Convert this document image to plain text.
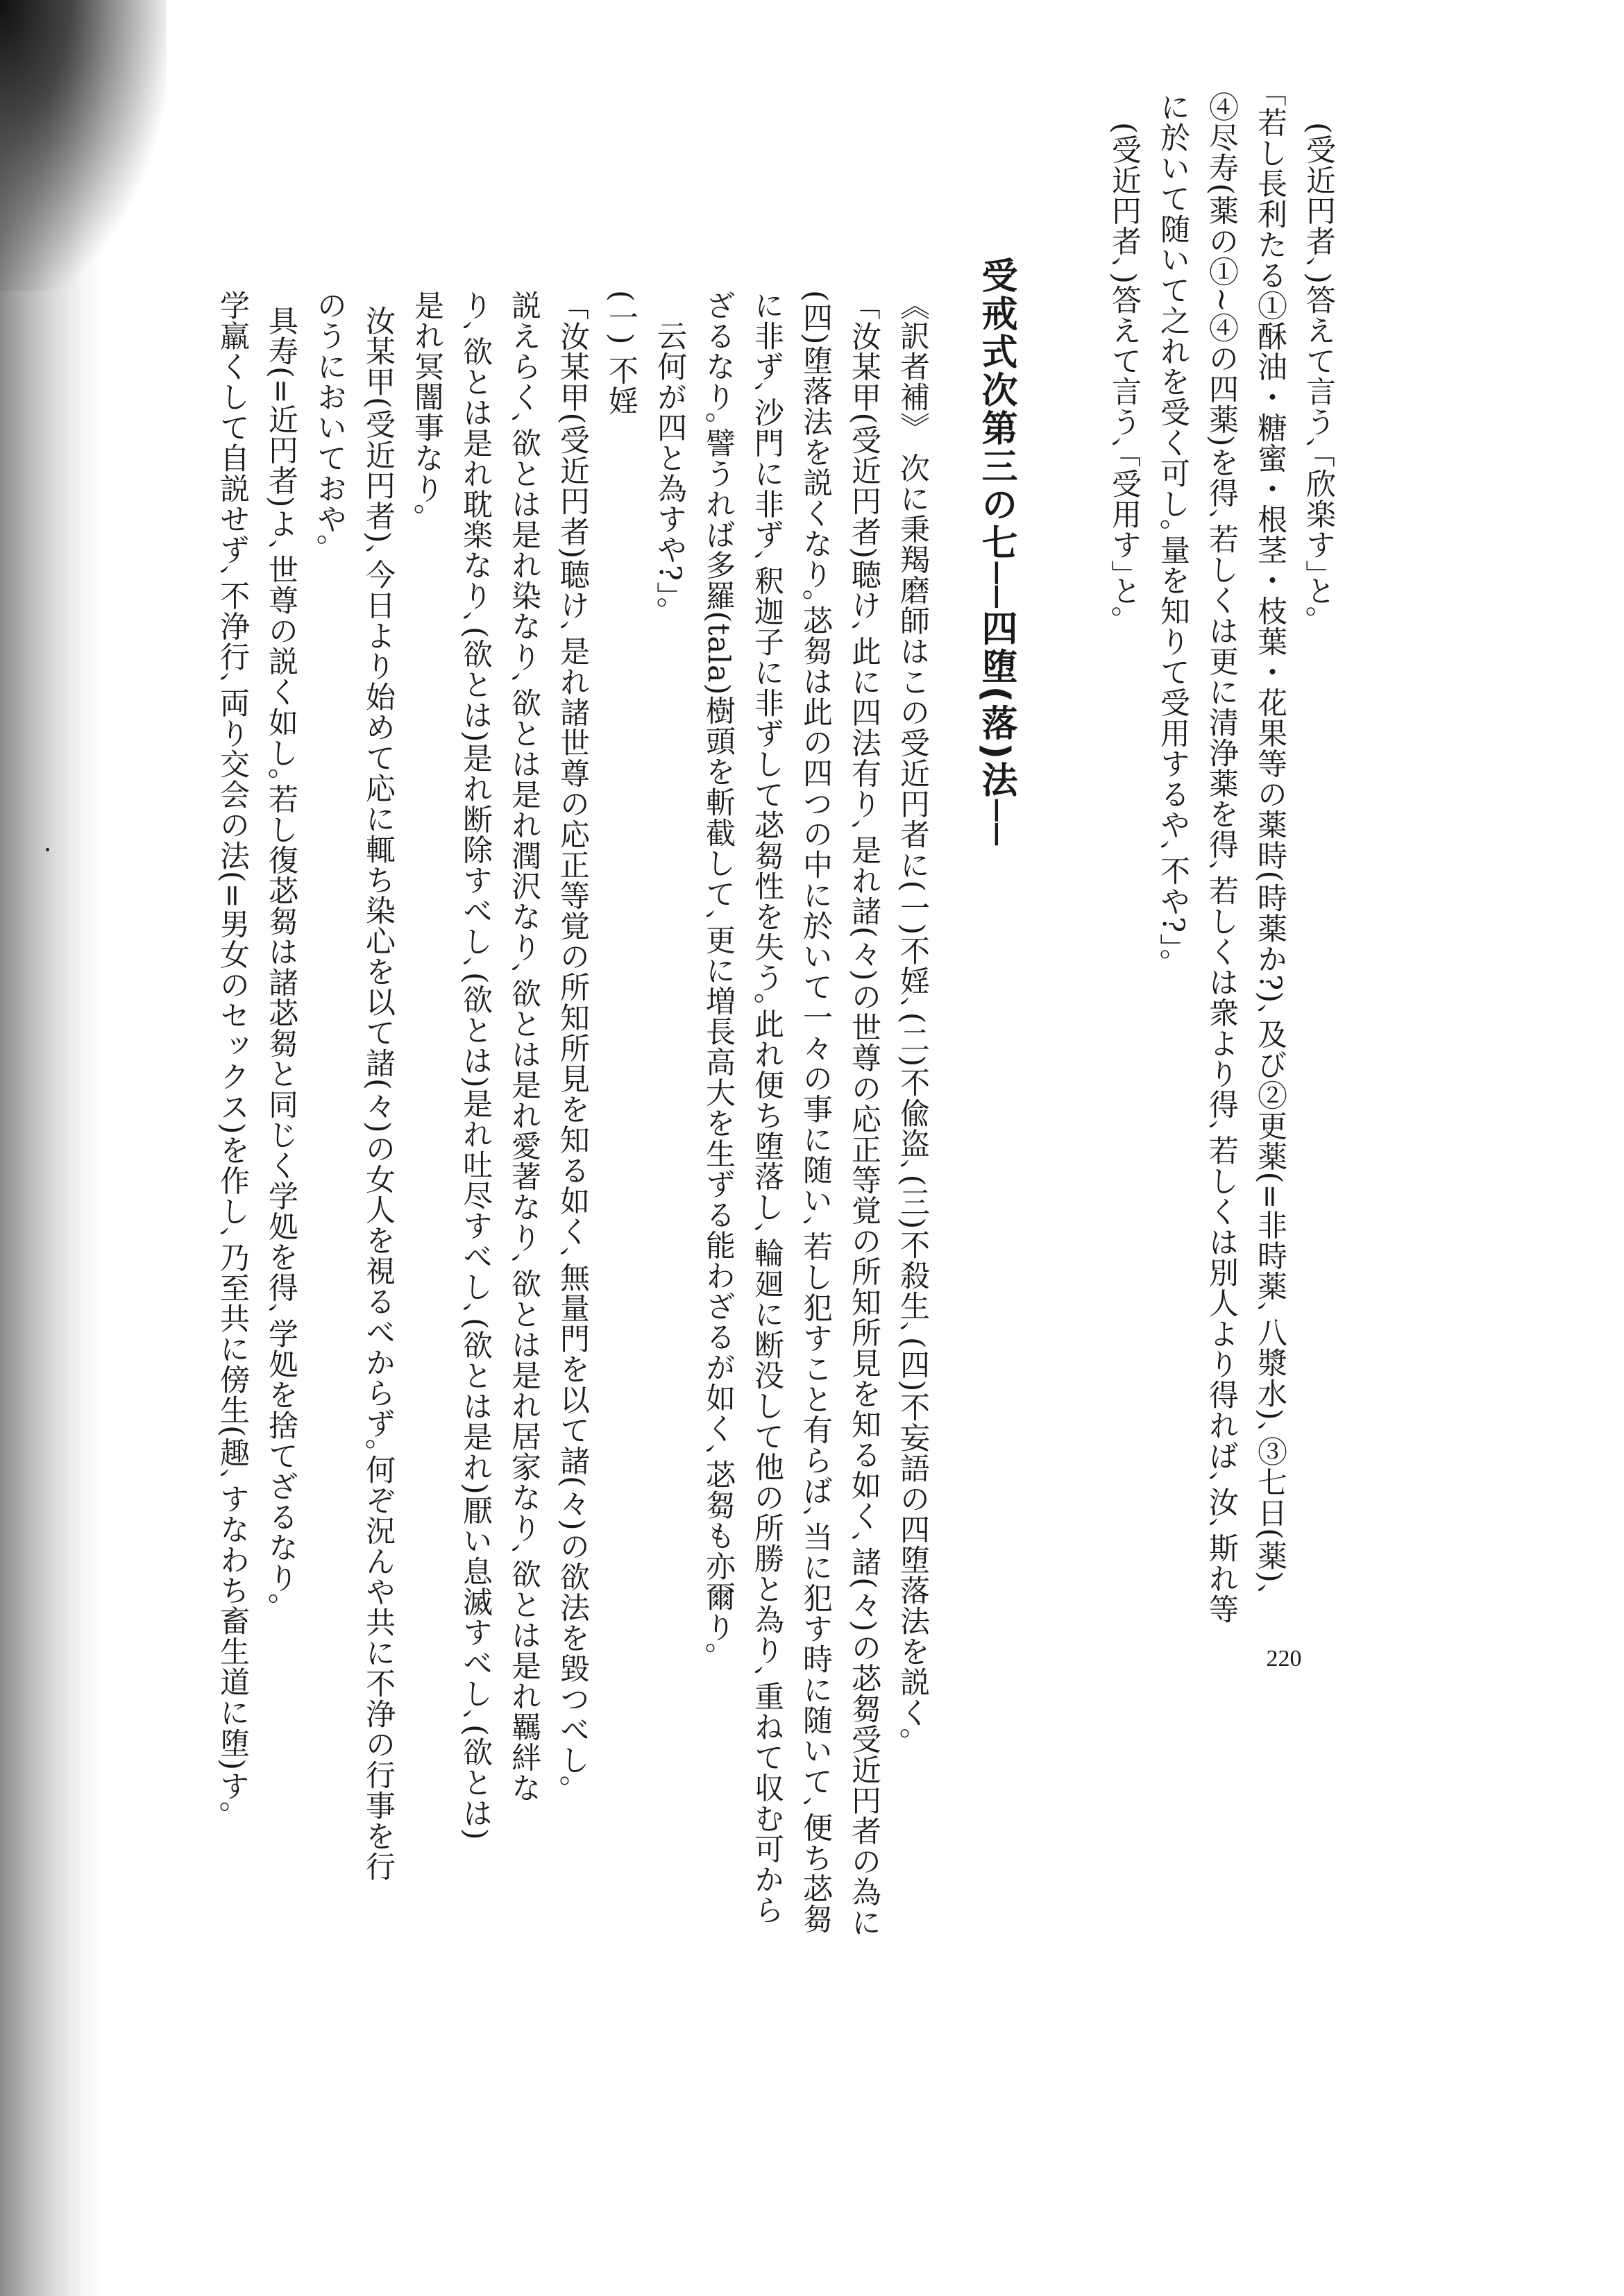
(受近円者､)答えて言う､｢欣楽す｣と｡
｢若し長利たる①酥油・糖蜜・根茎・枝葉・花果等の薬時(時薬か?)､及び②更薬(=非時薬､八漿水)､③七日(薬)､
④尽寿(薬の①~④の四薬)を得､若しくは更に清浄薬を得､若しくは衆より得､若しくは別人より得れば､汝､斯れ等
に於いて随いて之れを受く可し｡量を知りて受用するや､不や?｣｡
(受近円者､)答えて言う､｢受用す｣と｡
受戒式次第三の七──四堕(落)法──
《訳者補》 次に秉羯磨師はこの受近円者に(一)不婬､(二)不偸盗､(三)不殺生､(四)不妄語の四堕落法を説く｡
｢汝某甲(受近円者)聴け､此に四法有り､是れ諸(々)の世尊の応正等覚の所知所見を知る如く､諸(々)の苾芻受近円者の為に
(四)堕落法を説くなり｡苾芻は此の四つの中に於いて一々の事に随い､若し犯すこと有らば､当に犯す時に随いて､便ち苾芻
に非ず､沙門に非ず､釈迦子に非ずして苾芻性を失う｡此れ便ち堕落し､輪廻に断没して他の所勝と為り､重ねて収む可から
ざるなり｡譬うれば多羅(tala)樹頭を斬截して､更に増長高大を生ずる能わざるが如く､苾芻も亦爾り｡
云何が四と為すや?｣｡
(一) 不婬
｢汝某甲(受近円者)聴け､是れ諸世尊の応正等覚の所知所見を知る如く､無量門を以て諸(々)の欲法を毀つべし｡
説えらく､欲とは是れ染なり､欲とは是れ潤沢なり､欲とは是れ愛著なり､欲とは是れ居家なり､欲とは是れ羈絆な
り､欲とは是れ耽楽なり､(欲とは)是れ断除すべし､(欲とは)是れ吐尽すべし､(欲とは是れ)厭い息滅すべし､(欲とは)
是れ冥闇事なり｡
汝某甲(受近円者)､今日より始めて応に輒ち染心を以て諸(々)の女人を視るべからず｡何ぞ況んや共に不浄の行事を行
のうにおいておや｡
具寿(=近円者)よ､世尊の説く如し｡若し復苾芻は諸苾芻と同じく学処を得､学処を捨てざるなり｡
学羸くして自説せず､不浄行､両り交会の法(=男女のセックス)を作し､乃至共に傍生(趣､すなわち畜生道に堕)す｡	220
